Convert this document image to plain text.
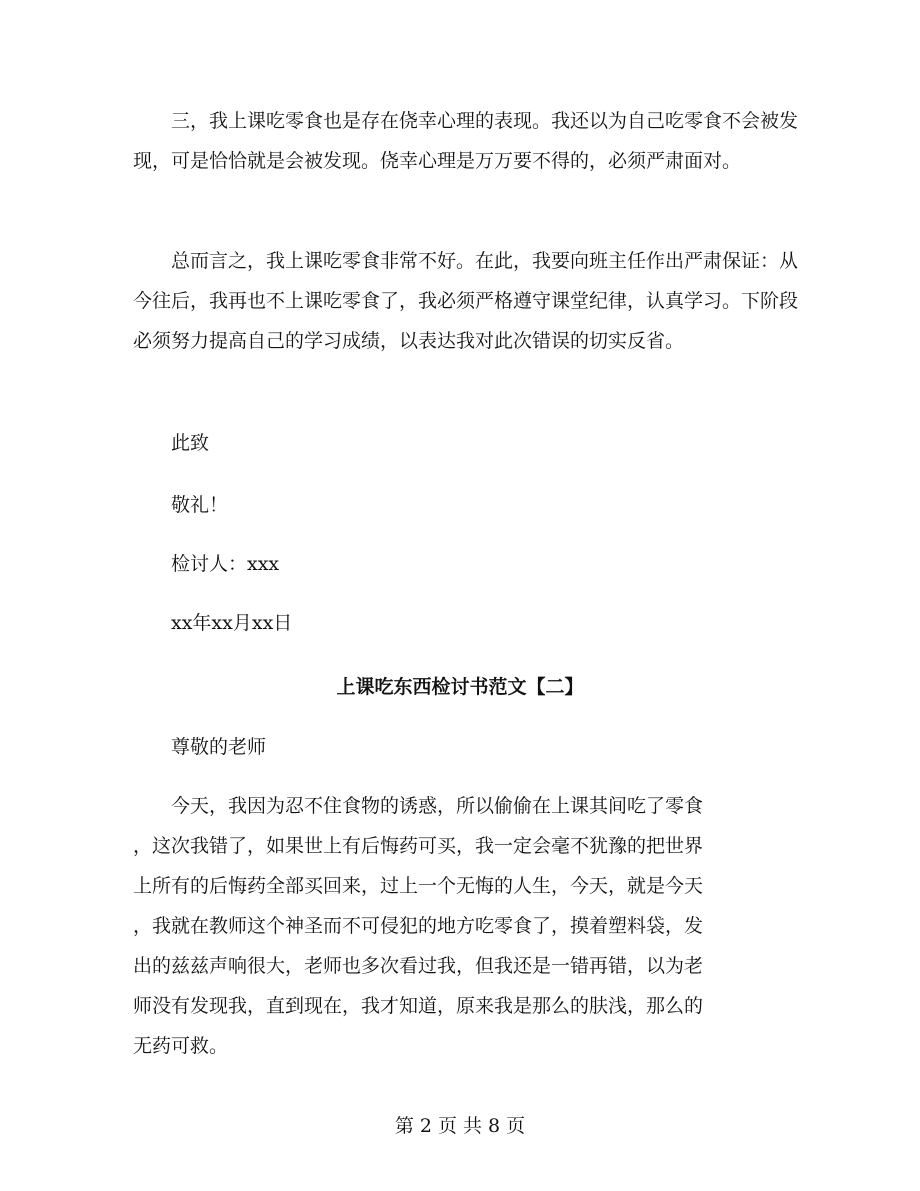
三，我上课吃零食也是存在侥幸心理的表现。我还以为自己吃零食不会被发现，可是恰恰就是会被发现。侥幸心理是万万要不得的，必须严肃面对。

总而言之，我上课吃零食非常不好。在此，我要向班主任作出严肃保证：从今往后，我再也不上课吃零食了，我必须严格遵守课堂纪律，认真学习。下阶段必须努力提高自己的学习成绩，以表达我对此次错误的切实反省。

此致
敬礼！
检讨人：xxx
xx年xx月xx日
上课吃东西检讨书范文【二】
尊敬的老师
今天，我因为忍不住食物的诱惑，所以偷偷在上课其间吃了零食
，这次我错了，如果世上有后悔药可买，我一定会毫不犹豫的把世界
上所有的后悔药全部买回来，过上一个无悔的人生，今天，就是今天
，我就在教师这个神圣而不可侵犯的地方吃零食了，摸着塑料袋，发
出的兹兹声响很大，老师也多次看过我，但我还是一错再错，以为老
师没有发现我，直到现在，我才知道，原来我是那么的肤浅，那么的
无药可救。
第 2 页 共 8 页
